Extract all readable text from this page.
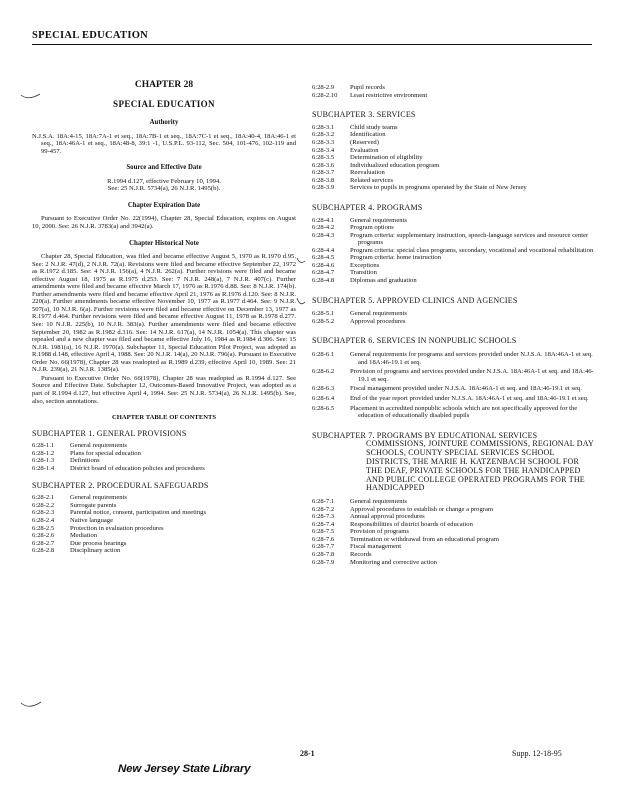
SPECIAL EDUCATION
CHAPTER 28
SPECIAL EDUCATION
Authority
N.J.S.A. 18A:4-15, 18A:7A-1 et seq., 18A:7B-1 et seq., 18A:7C-1 et seq., 18A:40-4, 18A:46-1 et seq., 18A:46A-1 et seq., 18A:48-8, 39:1 -1, U.S.P.L. 93-112, Sec. 504, 101-476, 102-119 and 99-457.
Source and Effective Date
R.1994 d.127, effective February 10, 1994.
See: 25 N.J.R. 5734(a), 26 N.J.R. 1495(b).
Chapter Expiration Date
Pursuant to Executive Order No. 22(1994), Chapter 28, Special Education, expires on August 10, 2000. See: 26 N.J.R. 3783(a) and 3942(a).
Chapter Historical Note
Chapter 28, Special Education, was filed and became effective August 5, 1970 as R.1970 d.95. See: 2 N.J.R. 47(d), 2 N.J.R. 72(a). Revisions were filed and became effective September 22, 1972 as R.1972 d.185. See: 4 N.J.R. 156(a), 4 N.J.R. 262(a). Further revisions were filed and became effective August 18, 1975 as R.1975 d.253. See: 7 N.J.R. 248(a), 7 N.J.R. 407(c). Further amendments were filed and became effective March 17, 1976 as R.1976 d.88. See: 8 N.J.R. 174(b). Further amendments were filed and became effective April 21, 1976 as R.1976 d.120. See: 8 N.J.R. 220(a). Further amendments became effective November 10, 1977 as R.1977 d.464. See: 9 N.J.R. 507(a), 10 N.J.R. 6(a). Further revisions were filed and became effective on December 13, 1977 as R.1977 d.464. Further revisions were filed and became effective August 11, 1978 as R.1978 d.277. See: 10 N.J.R. 225(b), 10 N.J.R. 383(a). Further amendments were filed and became effective September 20, 1982 as R.1982 d.316. See: 14 N.J.R. 617(a), 14 N.J.R. 1054(a). This chapter was repealed and a new chapter was filed and became effective July 16, 1984 as R.1984 d.306. See: 15 N.J.R. 1981(a), 16 N.J.R. 1970(a). Subchapter 11, Special Education Pilot Project, was adopted as R.1988 d.148, effective April 4, 1988. See: 20 N.J.R. 14(a), 20 N.J.R. 796(a). Pursuant to Executive Order No. 66(1978), Chapter 28 was readopted as R.1989 d.239, effective April 10, 1989. See: 21 N.J.R. 239(a), 21 N.J.R. 1385(a).
Pursuant to Executive Order No. 66(1978), Chapter 28 was readopted as R.1994 d.127. See Source and Effective Date. Subchapter 12, Outcomes-Based Innovative Project, was adopted as a part of R.1994 d.127, but effective April 4, 1994. See: 25 N.J.R. 5734(a), 26 N.J.R. 1495(b). See, also, section annotations.
CHAPTER TABLE OF CONTENTS
SUBCHAPTER 1. GENERAL PROVISIONS
6:28-1.1	General requirements
6:28-1.2	Plans for special education
6:28-1.3	Definitions
6:28-1.4	District board of education policies and procedures
SUBCHAPTER 2. PROCEDURAL SAFEGUARDS
6:28-2.1	General requirements
6:28-2.2	Surrogate parents
6:28-2.3	Parental notice, consent, participation and meetings
6:28-2.4	Native language
6:28-2.5	Protection in evaluation procedures
6:28-2.6	Mediation
6:28-2.7	Due process hearings
6:28-2.8	Disciplinary action
6:28-2.9	Pupil records
6:28-2.10	Least restrictive environment
SUBCHAPTER 3. SERVICES
6:28-3.1	Child study teams
6:28-3.2	Identification
6:28-3.3	(Reserved)
6:28-3.4	Evaluation
6:28-3.5	Determination of eligibility
6:28-3.6	Individualized education program
6:28-3.7	Reevaluation
6:28-3.8	Related services
6:28-3.9	Services to pupils in programs operated by the State of New Jersey
SUBCHAPTER 4. PROGRAMS
6:28-4.1	General requirements
6:28-4.2	Program options
6:28-4.3	Program criteria: supplementary instruction, speech-language services and resource center programs
6:28-4.4	Program criteria: special class programs, secondary, vocational and vocational rehabilitation
6:28-4.5	Program criteria: home instruction
6:28-4.6	Exceptions
6:28-4.7	Transition
6:28-4.8	Diplomas and graduation
SUBCHAPTER 5. APPROVED CLINICS AND AGENCIES
6:28-5.1	General requirements
6:28-5.2	Approval procedures
SUBCHAPTER 6. SERVICES IN NONPUBLIC SCHOOLS
6:28-6.1	General requirements for programs and services provided under N.J.S.A. 18A:46A-1 et seq. and 18A:46-19.1 et seq.
6:28-6.2	Provision of programs and services provided under N.J.S.A. 18A:46A-1 et seq. and 18A:46-19.1 et seq.
6:28-6.3	Fiscal management provided under N.J.S.A. 18A:46A-1 et seq. and 18A:46-19.1 et seq.
6:28-6.4	End of the year report provided under N.J.S.A. 18A:46A-1 et seq. and 18A:46-19.1 et seq.
6:28-6.5	Placement in accredited nonpublic schools which are not specifically approved for the education of educationally disabled pupils
SUBCHAPTER 7. PROGRAMS BY EDUCATIONAL SERVICES COMMISSIONS, JOINTURE COMMISSIONS, REGIONAL DAY SCHOOLS, COUNTY SPECIAL SERVICES SCHOOL DISTRICTS, THE MARIE H. KATZENBACH SCHOOL FOR THE DEAF, PRIVATE SCHOOLS FOR THE HANDICAPPED AND PUBLIC COLLEGE OPERATED PROGRAMS FOR THE HANDICAPPED
6:28-7.1	General requirements
6:28-7.2	Approval procedures to establish or change a program
6:28-7.3	Annual approval procedures
6:28-7.4	Responsibilities of district boards of education
6:28-7.5	Provision of programs
6:28-7.6	Termination or withdrawal from an educational program
6:28-7.7	Fiscal management
6:28-7.8	Records
6:28-7.9	Monitoring and corrective action
28-1	Supp. 12-18-95
New Jersey State Library
